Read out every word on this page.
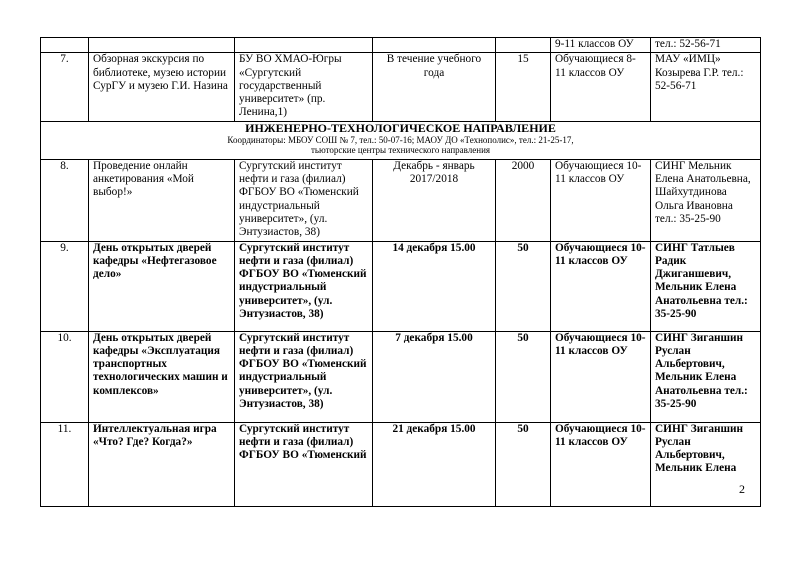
					9-11 классов ОУ	тел.: 52-56-71
7.	Обзорная экскурсия по библиотеке, музею истории СурГУ и музею Г.И. Назина	БУ ВО ХМАО-Югры «Сургутский государственный университет» (пр. Ленина,1)	В течение учебного года	15	Обучающиеся 8-11 классов ОУ	МАУ «ИМЦ» Козырева Г.Р. тел.: 52-56-71

ИНЖЕНЕРНО-ТЕХНОЛОГИЧЕСКОЕ НАПРАВЛЕНИЕ
Координаторы: МБОУ СОШ № 7, тел.: 50-07-16; МАОУ ДО «Технополис», тел.: 21-25-17,
тьюторские центры технического направления						

8.	Проведение онлайн анкетирования «Мой выбор!»	Сургутский институт нефти и газа (филиал) ФГБОУ ВО «Тюменский индустриальный университет», (ул. Энтузиастов, 38)	Декабрь - январь 2017/2018	2000	Обучающиеся 10-11 классов ОУ	СИНГ Мельник Елена Анатольевна, Шайхутдинова Ольга Ивановна тел.: 35-25-90
9.	День открытых дверей кафедры «Нефтегазовое дело»	Сургутский институт нефти и газа (филиал) ФГБОУ ВО «Тюменский индустриальный университет», (ул. Энтузиастов, 38)	14 декабря 15.00	50	Обучающиеся 10-11 классов ОУ	СИНГ Татлыев Радик Джиганшевич, Мельник Елена Анатольевна тел.: 35-25-90
10.	День открытых дверей кафедры «Эксплуатация транспортных технологических машин и комплексов»	Сургутский институт нефти и газа (филиал) ФГБОУ ВО «Тюменский индустриальный университет», (ул. Энтузиастов, 38)	7 декабря 15.00	50	Обучающиеся 10-11 классов ОУ	СИНГ Зиганшин Руслан Альбертович, Мельник Елена Анатольевна тел.: 35-25-90
11.	Интеллектуальная игра «Что? Где? Когда?»	Сургутский институт нефти и газа (филиал) ФГБОУ ВО «Тюменский	21 декабря 15.00	50	Обучающиеся 10-11 классов ОУ	СИНГ Зиганшин Руслан Альбертович, Мельник Елена
2
